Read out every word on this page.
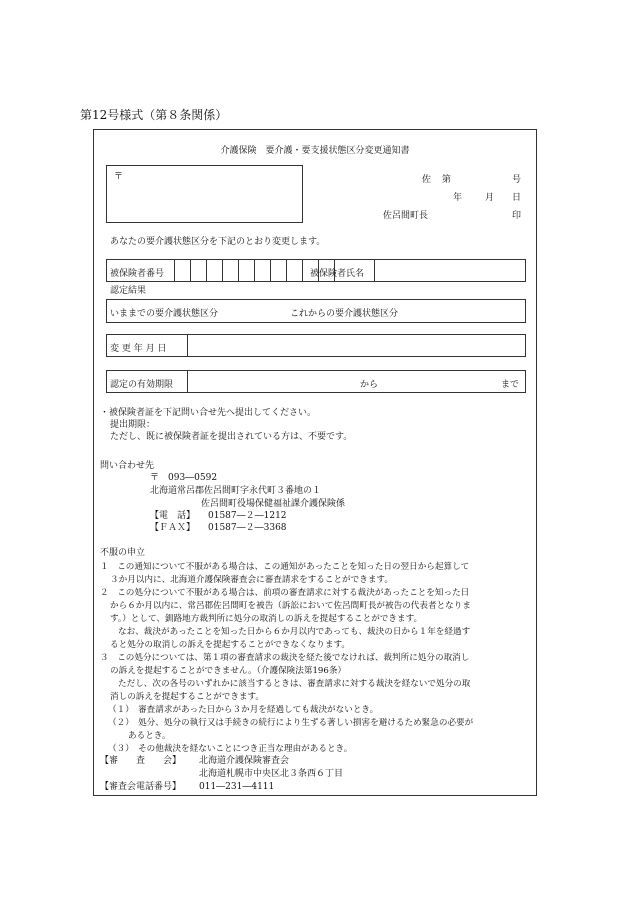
第12号様式（第８条関係）
介護保険　要介護・要支援状態区分変更通知書
〒	佐 第	号
年	月 日
佐呂間町長	印
あなたの要介護状態区分を下記のとおり変更します。
被保険者番号	被保険者氏名
認定結果
いままでの要介護状態区分	これからの要介護状態区分
変 更 年 月 日
認定の有効期限	から	まで
・被保険者証を下記問い合せ先へ提出してください。
提出期限：
ただし、既に被保険者証を提出されている方は、不要です。
問い合わせ先
〒　093―0592
北海道常呂郡佐呂間町字永代町３番地の１
佐呂間町役場保健福祉課介護保険係
【電　話】 01587―２―1212
【ＦＡＸ】 01587―２―3368
不服の申立
１　この通知について不服がある場合は、この通知があったことを知った日の翌日から起算して
３か月以内に、北海道介護保険審査会に審査請求をすることができます。
２　この処分について不服がある場合は、前項の審査請求に対する裁決があったことを知った日
から６か月以内に、常呂郡佐呂間町を被告（訴訟において佐呂間町長が被告の代表者となりま
す。）として、釧路地方裁判所に処分の取消しの訴えを提起することができます。
なお、裁決があったことを知った日から６か月以内であっても、裁決の日から１年を経過す
ると処分の取消しの訴えを提起することができなくなります。
３　この処分については、第１項の審査請求の裁決を経た後でなければ、裁判所に処分の取消し
の訴えを提起することができません。（介護保険法第196条）
ただし、次の各号のいずれかに該当するときは、審査請求に対する裁決を経ないで処分の取
消しの訴えを提起することができます。
（１）　審査請求があった日から３か月を経過しても裁決がないとき。
（２）　処分、処分の執行又は手続きの続行により生ずる著しい損害を避けるため緊急の必要が
あるとき。
（３）　その他裁決を経ないことにつき正当な理由があるとき。
【審　　査　　会】 北海道介護保険審査会
北海道札幌市中央区北３条西６丁目
【審査会電話番号】 011―231―4111
